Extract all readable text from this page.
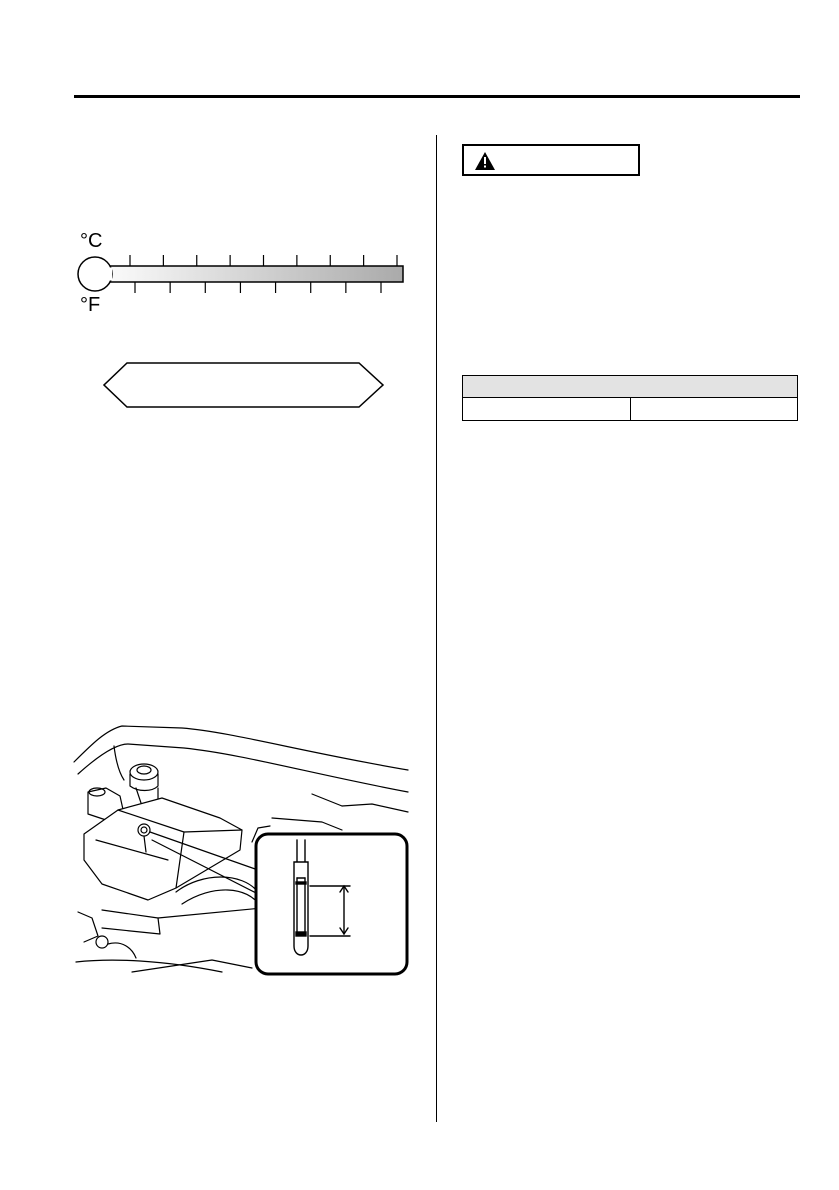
°C
°F
